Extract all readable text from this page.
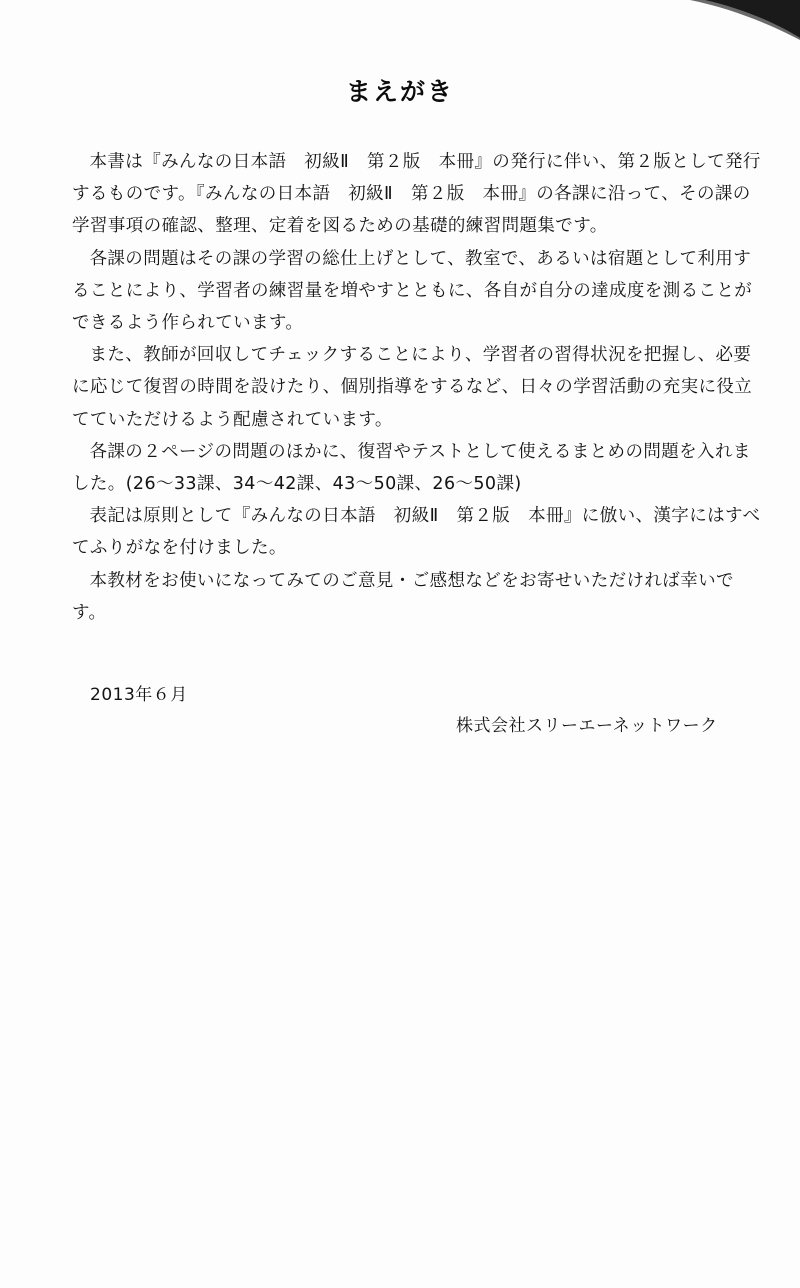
まえがき

本書は『みんなの日本語　初級Ⅱ　第２版　本冊』の発行に伴い、第２版として発行するものです。『みんなの日本語　初級Ⅱ　第２版　本冊』の各課に沿って、その課の学習事項の確認、整理、定着を図るための基礎的練習問題集です。

各課の問題はその課の学習の総仕上げとして、教室で、あるいは宿題として利用することにより、学習者の練習量を増やすとともに、各自が自分の達成度を測ることができるよう作られています。

また、教師が回収してチェックすることにより、学習者の習得状況を把握し、必要に応じて復習の時間を設けたり、個別指導をするなど、日々の学習活動の充実に役立てていただけるよう配慮されています。

各課の２ページの問題のほかに、復習やテストとして使えるまとめの問題を入れました。(26〜33課、34〜42課、43〜50課、26〜50課)

表記は原則として『みんなの日本語　初級Ⅱ　第２版　本冊』に倣い、漢字にはすべてふりがなを付けました。

本教材をお使いになってみてのご意見・ご感想などをお寄せいただければ幸いです。

2013年６月
株式会社スリーエーネットワーク
